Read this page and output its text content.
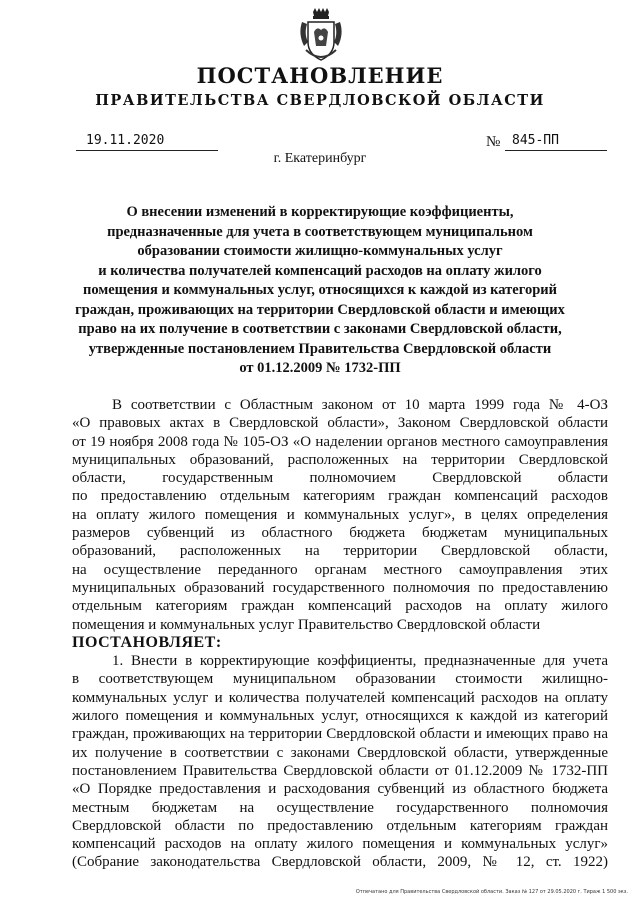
ПОСТАНОВЛЕНИЕ
ПРАВИТЕЛЬСТВА СВЕРДЛОВСКОЙ ОБЛАСТИ
19.11.2020	№ 845-ПП
г. Екатеринбург
О внесении изменений в корректирующие коэффициенты,
предназначенные для учета в соответствующем муниципальном
образовании стоимости жилищно-коммунальных услуг
и количества получателей компенсаций расходов на оплату жилого
помещения и коммунальных услуг, относящихся к каждой из категорий
граждан, проживающих на территории Свердловской области и имеющих
право на их получение в соответствии с законами Свердловской области,
утвержденные постановлением Правительства Свердловской области
от 01.12.2009 № 1732-ПП
В соответствии с Областным законом от 10 марта 1999 года № 4-ОЗ
«О правовых актах в Свердловской области», Законом Свердловской области
от 19 ноября 2008 года № 105-ОЗ «О наделении органов местного самоуправления
муниципальных образований, расположенных на территории Свердловской
области, государственным полномочием Свердловской области
по предоставлению отдельным категориям граждан компенсаций расходов
на оплату жилого помещения и коммунальных услуг», в целях определения
размеров субвенций из областного бюджета бюджетам муниципальных
образований, расположенных на территории Свердловской области,
на осуществление переданного органам местного самоуправления этих
муниципальных образований государственного полномочия по предоставлению
отдельным категориям граждан компенсаций расходов на оплату жилого
помещения и коммунальных услуг Правительство Свердловской области
ПОСТАНОВЛЯЕТ:
1. Внести в корректирующие коэффициенты, предназначенные для учета
в соответствующем муниципальном образовании стоимости жилищно-
коммунальных услуг и количества получателей компенсаций расходов на оплату
жилого помещения и коммунальных услуг, относящихся к каждой из категорий
граждан, проживающих на территории Свердловской области и имеющих право на
их получение в соответствии с законами Свердловской области, утвержденные
постановлением Правительства Свердловской области от 01.12.2009 № 1732-ПП
«О Порядке предоставления и расходования субвенций из областного бюджета
местным бюджетам на осуществление государственного полномочия
Свердловской области по предоставлению отдельным категориям граждан
компенсаций расходов на оплату жилого помещения и коммунальных услуг»
(Собрание законодательства Свердловской области, 2009, № 12, ст. 1922)
Отпечатано для Правительства Свердловской области. Заказ № 127 от 29.05.2020 г. Тираж 1 500 экз.
